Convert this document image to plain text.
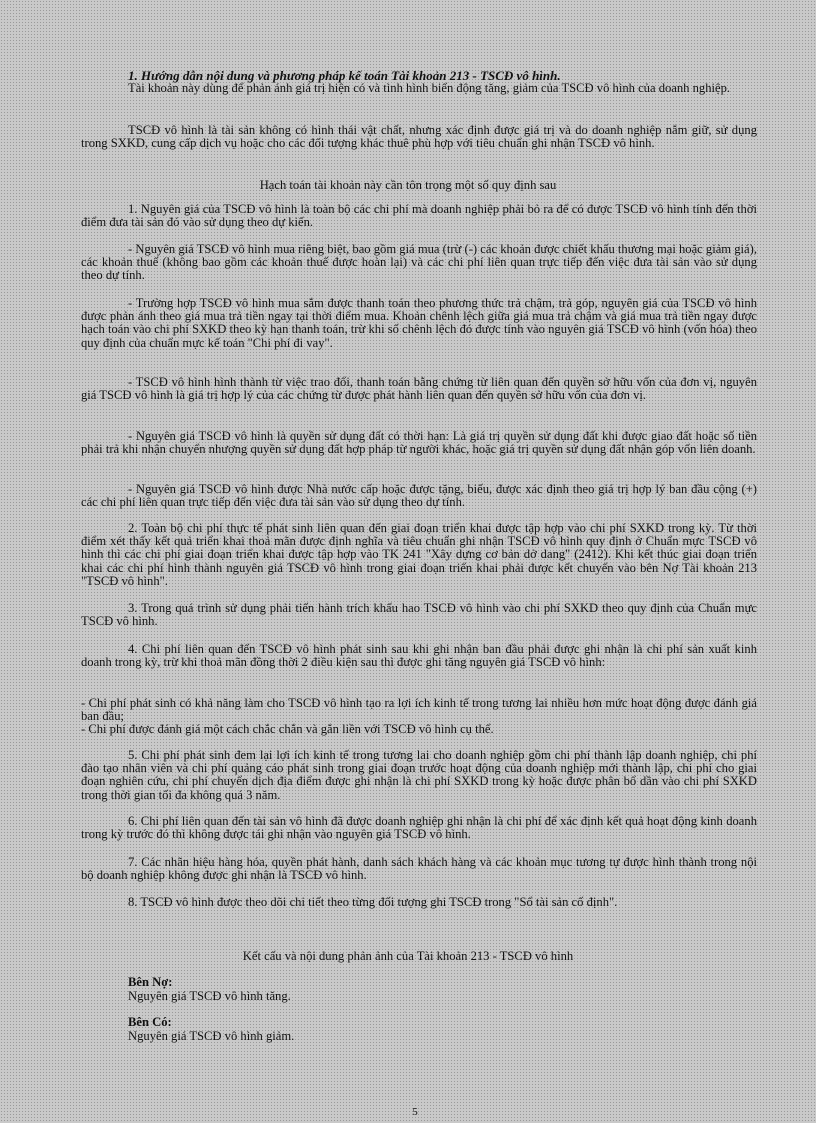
1. Hướng dẫn nội dung và phương pháp kế toán Tài khoản 213 - TSCĐ vô hình.

Tài khoản này dùng để phản ánh giá trị hiện có và tình hình biến động tăng, giảm của TSCĐ vô hình của doanh nghiệp.

TSCĐ vô hình là tài sản không có hình thái vật chất, nhưng xác định được giá trị và do doanh nghiệp nắm giữ, sử dụng trong SXKD, cung cấp dịch vụ hoặc cho các đối tượng khác thuê phù hợp với tiêu chuẩn ghi nhận TSCĐ vô hình.

Hạch toán tài khoản này cần tôn trọng một số quy định sau

1. Nguyên giá của TSCĐ vô hình là toàn bộ các chi phí mà doanh nghiệp phải bỏ ra để có được TSCĐ vô hình tính đến thời điểm đưa tài sản đó vào sử dụng theo dự kiến.

- Nguyên giá TSCĐ vô hình mua riêng biệt, bao gồm giá mua (trừ (-) các khoản được chiết khấu thương mại hoặc giảm giá), các khoản thuế (không bao gồm các khoản thuế được hoàn lại) và các chi phí liên quan trực tiếp đến việc đưa tài sản vào sử dụng theo dự tính.

- Trường hợp TSCĐ vô hình mua sắm được thanh toán theo phương thức trả chậm, trả góp, nguyên giá của TSCĐ vô hình được phản ánh theo giá mua trả tiền ngay tại thời điểm mua. Khoản chênh lệch giữa giá mua trả chậm và giá mua trả tiền ngay được hạch toán vào chi phí SXKD theo kỳ hạn thanh toán, trừ khi số chênh lệch đó được tính vào nguyên giá TSCĐ vô hình (vốn hóa) theo quy định của chuẩn mực kế toán "Chi phí đi vay".

- TSCĐ vô hình hình thành từ việc trao đổi, thanh toán bằng chứng từ liên quan đến quyền sở hữu vốn của đơn vị, nguyên giá TSCĐ vô hình là giá trị hợp lý của các chứng từ được phát hành liên quan đến quyền sở hữu vốn của đơn vị.

- Nguyên giá TSCĐ vô hình là quyền sử dụng đất có thời hạn: Là giá trị quyền sử dụng đất khi được giao đất hoặc số tiền phải trả khi nhận chuyển nhượng quyền sử dụng đất hợp pháp từ người khác, hoặc giá trị quyền sử dụng đất nhận góp vốn liên doanh.

- Nguyên giá TSCĐ vô hình được Nhà nước cấp hoặc được tặng, biếu, được xác định theo giá trị hợp lý ban đầu cộng (+) các chi phí liên quan trực tiếp đến việc đưa tài sản vào sử dụng theo dự tính.

2. Toàn bộ chi phí thực tế phát sinh liên quan đến giai đoạn triển khai được tập hợp vào chi phí SXKD trong kỳ. Từ thời điểm xét thấy kết quả triển khai thoả mãn được định nghĩa và tiêu chuẩn ghi nhận TSCĐ vô hình quy định ở Chuẩn mực TSCĐ vô hình thì các chi phí giai đoạn triển khai được tập hợp vào TK 241 "Xây dựng cơ bản dở dang" (2412). Khi kết thúc giai đoạn triển khai các chi phí hình thành nguyên giá TSCĐ vô hình trong giai đoạn triển khai phải được kết chuyển vào bên Nợ Tài khoản 213 "TSCĐ vô hình".

3. Trong quá trình sử dụng phải tiến hành trích khấu hao TSCĐ vô hình vào chi phí SXKD theo quy định của Chuẩn mực TSCĐ vô hình.

4. Chi phí liên quan đến TSCĐ vô hình phát sinh sau khi ghi nhận ban đầu phải được ghi nhận là chi phí sản xuất kinh doanh trong kỳ, trừ khi thoả mãn đồng thời 2 điều kiện sau thì được ghi tăng nguyên giá TSCĐ vô hình:

- Chi phí phát sinh có khả năng làm cho TSCĐ vô hình tạo ra lợi ích kinh tế trong tương lai nhiều hơn mức hoạt động được đánh giá ban đầu;

- Chi phí được đánh giá một cách chắc chắn và gắn liền với TSCĐ vô hình cụ thể.

5. Chi phí phát sinh đem lại lợi ích kinh tế trong tương lai cho doanh nghiệp gồm chi phí thành lập doanh nghiệp, chi phí đào tạo nhân viên và chi phí quảng cáo phát sinh trong giai đoạn trước hoạt động của doanh nghiệp mới thành lập, chi phí cho giai đoạn nghiên cứu, chi phí chuyển dịch địa điểm được ghi nhận là chi phí SXKD trong kỳ hoặc được phân bổ dần vào chi phí SXKD trong thời gian tối đa không quá 3 năm.

6. Chi phí liên quan đến tài sản vô hình đã được doanh nghiệp ghi nhận là chi phí để xác định kết quả hoạt động kinh doanh trong kỳ trước đó thì không được tái ghi nhận vào nguyên giá TSCĐ vô hình.

7. Các nhãn hiệu hàng hóa, quyền phát hành, danh sách khách hàng và các khoản mục tương tự được hình thành trong nội bộ doanh nghiệp không được ghi nhận là TSCĐ vô hình.

8. TSCĐ vô hình được theo dõi chi tiết theo từng đối tượng ghi TSCĐ trong "Sổ tài sản cố định".

Kết cấu và nội dung phản ảnh của Tài khoản 213 - TSCĐ vô hình

Bên Nợ:

Nguyên giá TSCĐ vô hình tăng.

Bên Có:

Nguyên giá TSCĐ vô hình giảm.

5
